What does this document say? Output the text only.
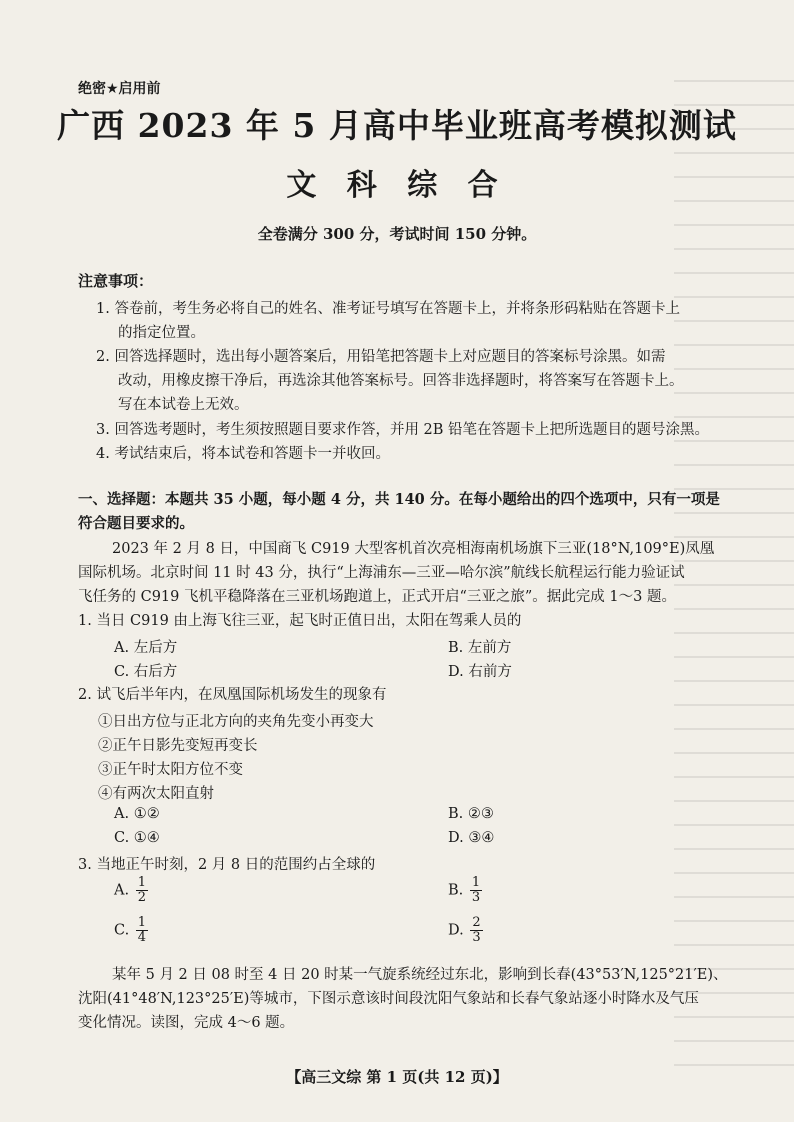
绝密★启用前
广西 2023 年 5 月高中毕业班高考模拟测试
文 科 综 合
全卷满分 300 分，考试时间 150 分钟。
注意事项：
1. 答卷前，考生务必将自己的姓名、准考证号填写在答题卡上，并将条形码粘贴在答题卡上
的指定位置。
2. 回答选择题时，选出每小题答案后，用铅笔把答题卡上对应题目的答案标号涂黑。如需
改动，用橡皮擦干净后，再选涂其他答案标号。回答非选择题时，将答案写在答题卡上。
写在本试卷上无效。
3. 回答选考题时，考生须按照题目要求作答，并用 2B 铅笔在答题卡上把所选题目的题号涂黑。
4. 考试结束后，将本试卷和答题卡一并收回。
一、选择题：本题共 35 小题，每小题 4 分，共 140 分。在每小题给出的四个选项中，只有一项是
符合题目要求的。
2023 年 2 月 8 日，中国商飞 C919 大型客机首次亮相海南机场旗下三亚(18°N,109°E)凤凰
国际机场。北京时间 11 时 43 分，执行“上海浦东—三亚—哈尔滨”航线长航程运行能力验证试
飞任务的 C919 飞机平稳降落在三亚机场跑道上，正式开启“三亚之旅”。据此完成 1～3 题。
1. 当日 C919 由上海飞往三亚，起飞时正值日出，太阳在驾乘人员的
A. 左后方	B. 左前方
C. 右后方	D. 右前方
2. 试飞后半年内，在凤凰国际机场发生的现象有
①日出方位与正北方向的夹角先变小再变大
②正午日影先变短再变长
③正午时太阳方位不变
④有两次太阳直射
A. ①②	B. ②③
C. ①④	D. ③④
3. 当地正午时刻，2 月 8 日的范围约占全球的
A. $\frac{1}{2}$	B. $\frac{1}{3}$
C. $\frac{1}{4}$	D. $\frac{2}{3}$
某年 5 月 2 日 08 时至 4 日 20 时某一气旋系统经过东北，影响到长春(43°53′N,125°21′E)、
沈阳(41°48′N,123°25′E)等城市，下图示意该时间段沈阳气象站和长春气象站逐小时降水及气压
变化情况。读图，完成 4～6 题。
【高三文综 第 1 页(共 12 页)】
